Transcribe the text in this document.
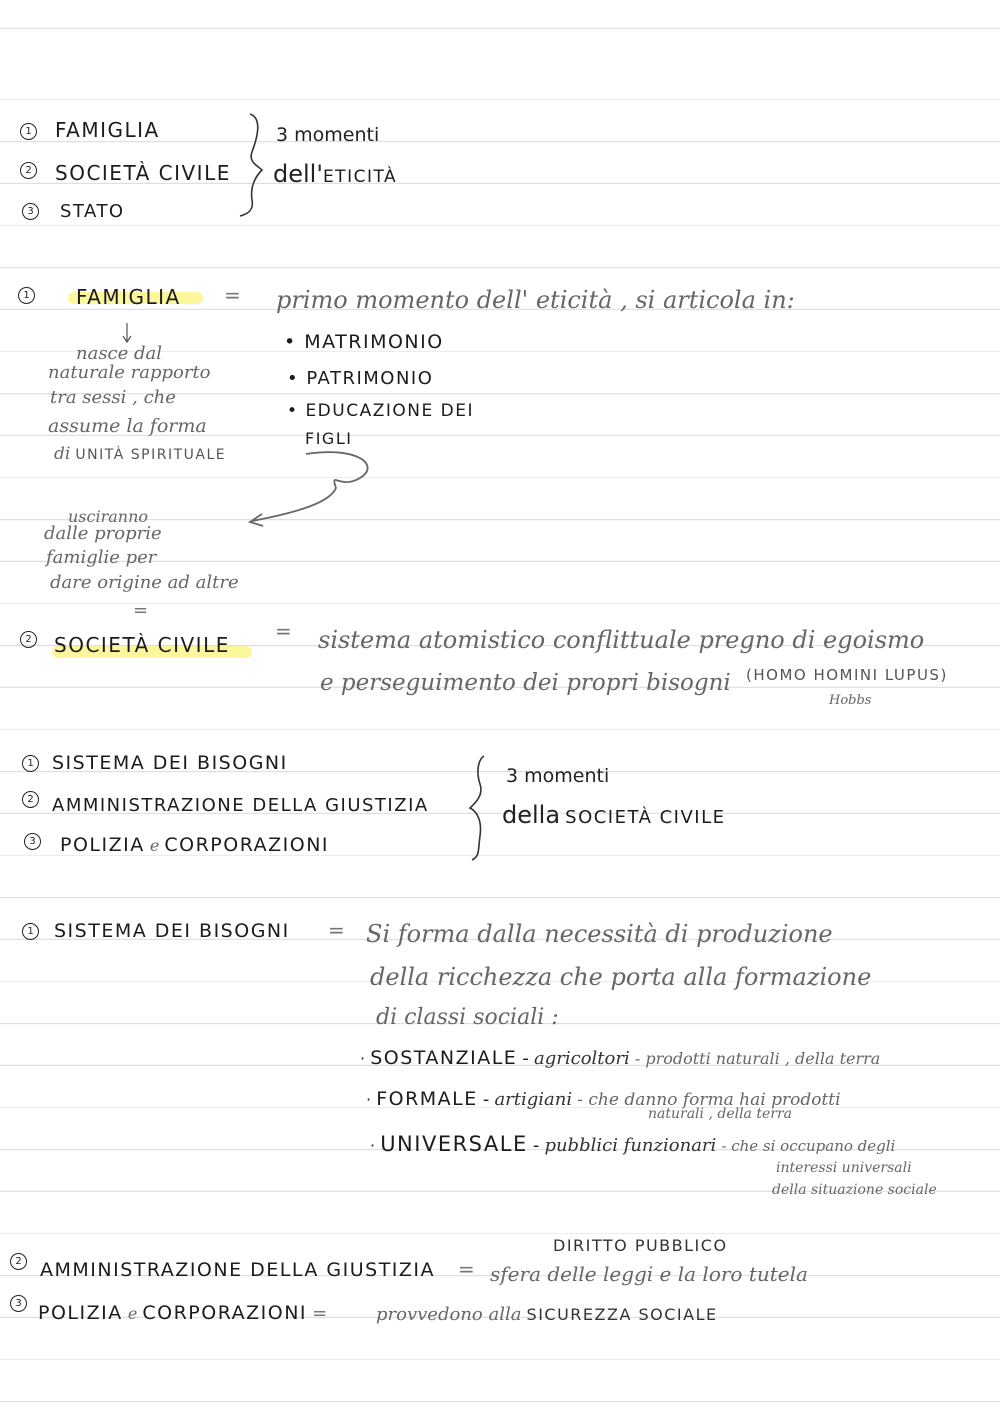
1 FAMIGLIA
2 SOCIETÀ CIVILE
3 STATO
3 momenti
dell'ETICITÀ
1 FAMIGLIA = primo momento dell' eticità , si articola in:
nasce dal
naturale rapporto
tra sessi , che
assume la forma
di UNITÀ SPIRITUALE
• MATRIMONIO
• PATRIMONIO
• EDUCAZIONE DEI
FIGLI
usciranno
dalle proprie
famiglie per
dare origine ad altre
=
2 SOCIETÀ CIVILE
= sistema atomistico conflittuale pregno di egoismo
e perseguimento dei propri bisogni (HOMO HOMINI LUPUS)
Hobbs
1 SISTEMA DEI BISOGNI
2 AMMINISTRAZIONE DELLA GIUSTIZIA
3 POLIZIA e CORPORAZIONI
3 momenti
della SOCIETÀ CIVILE
1 SISTEMA DEI BISOGNI = Si forma dalla necessità di produzione
della ricchezza che porta alla formazione
di classi sociali :
· SOSTANZIALE - agricoltori - prodotti naturali , della terra
· FORMALE - artigiani - che danno forma hai prodotti
naturali , della terra
· UNIVERSALE - pubblici funzionari - che si occupano degli
interessi universali
della situazione sociale
2 AMMINISTRAZIONE DELLA GIUSTIZIA =
DIRITTO PUBBLICO
sfera delle leggi e la loro tutela
3 POLIZIA e CORPORAZIONI =	provvedono alla SICUREZZA SOCIALE
